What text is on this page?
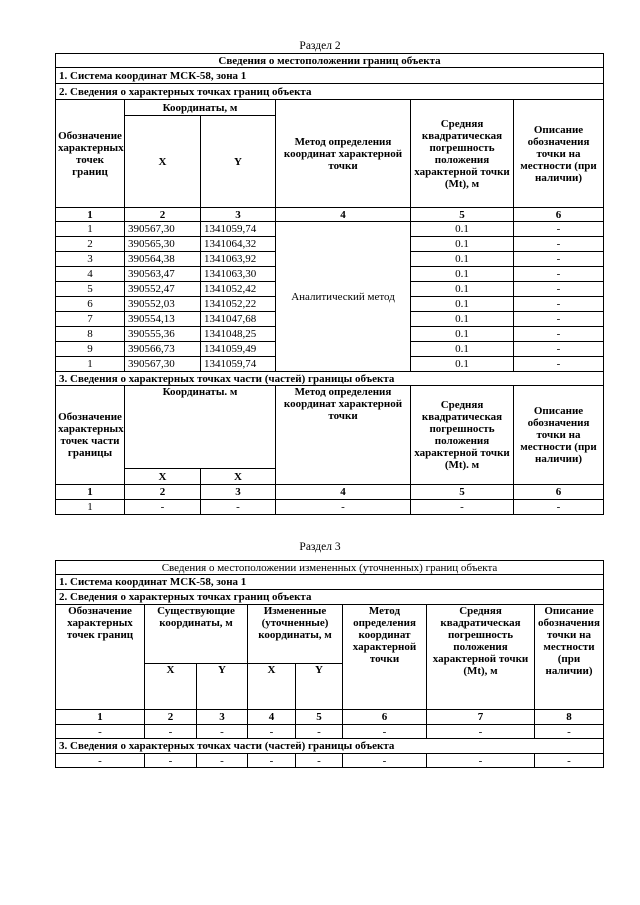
Раздел 2
Сведения о местоположении границ объекта					
1. Система координат МСК-58, зона 1					
2. Сведения о характерных точках границ объекта					
Обозначение характерных точек границ	Координаты, м		Метод определения координат характерной точки	Средняя квадратическая погрешность положения характерной точки (Mt), м	Описание обозначения точки на местности (при наличии)
	X	Y			
1	2	3	4	5	6
1	390567,30	1341059,74	Аналитический метод	0.1	-
2	390565,30	1341064,32		0.1	-
3	390564,38	1341063,92		0.1	-
4	390563,47	1341063,30		0.1	-
5	390552,47	1341052,42		0.1	-
6	390552,03	1341052,22		0.1	-
7	390554,13	1341047,68		0.1	-
8	390555,36	1341048,25		0.1	-
9	390566,73	1341059,49		0.1	-
1	390567,30	1341059,74		0.1	-
3. Сведения о характерных точках части (частей) границы объекта					
Обозначение характерных точек части границы	Координаты. м		Метод определения координат характерной точки	Средняя квадратическая погрешность положения характерной точки (Mt). м	Описание обозначения точки на местности (при наличии)
	X	X			
1	2	3	4	5	6
1	-	-	-	-	-
Раздел 3
Сведения о местоположении измененных (уточненных) границ объекта							
1. Система координат МСК-58, зона 1							
2. Сведения о характерных точках границ объекта							
Обозначение характерных точек границ	Существующие координаты, м		Измененные (уточненные) координаты, м		Метод определения координат характерной точки	Средняя квадратическая погрешность положения характерной точки (Mt), м	Описание обозначения точки на местности (при наличии)
	X	Y	X	Y			
1	2	3	4	5	6	7	8
-	-	-	-	-	-	-	-
3. Сведения о характерных точках части (частей) границы объекта							
-	-	-	-	-	-	-	-
